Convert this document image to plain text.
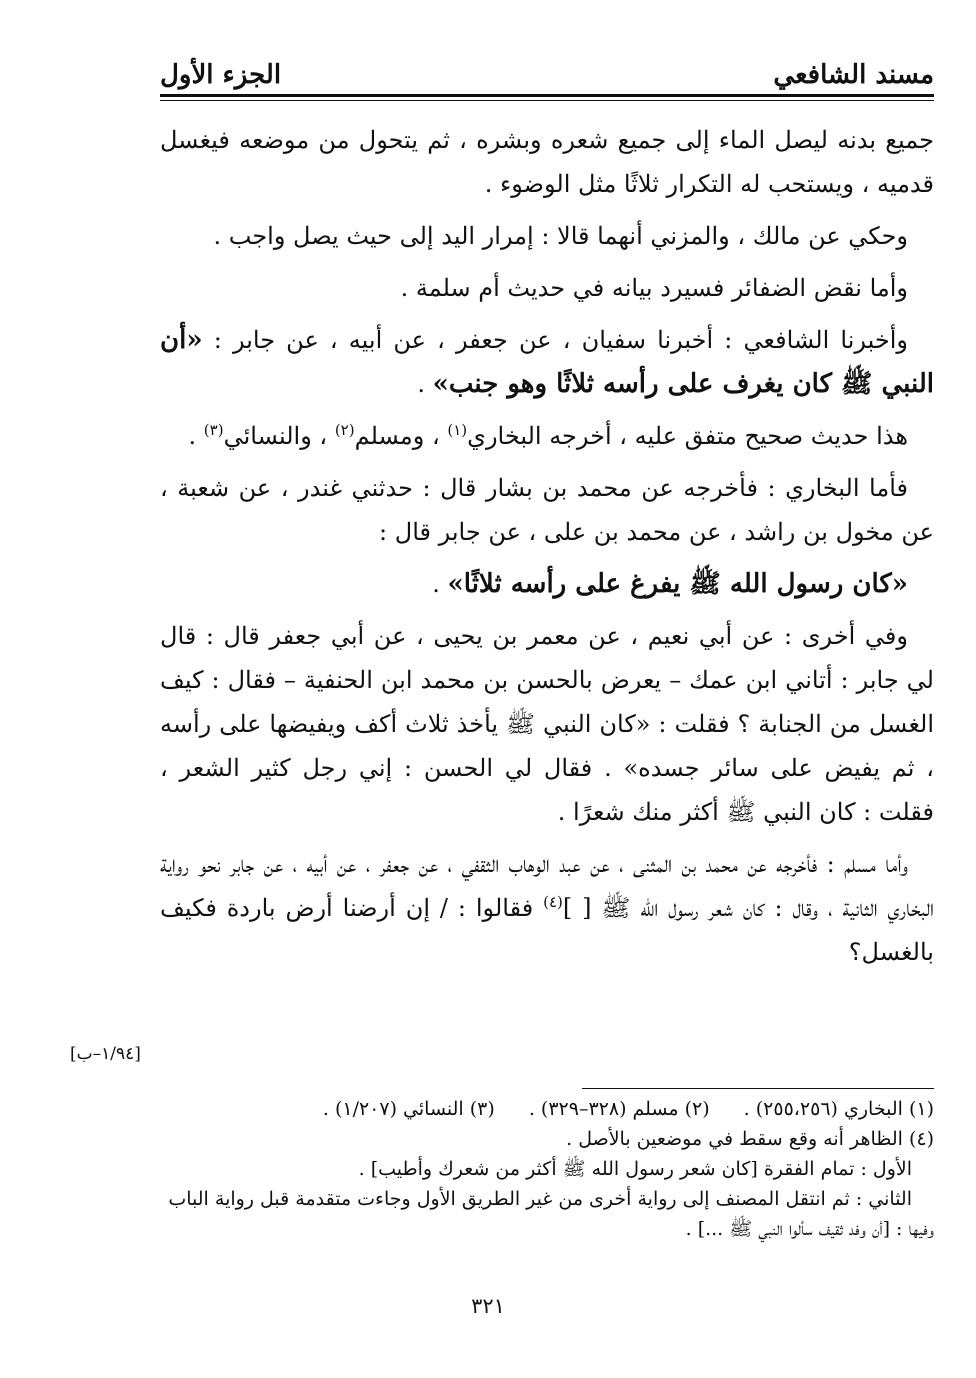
مسند الشافعي
الجزء الأول

جميع بدنه ليصل الماء إلى جميع شعره وبشره ، ثم يتحول من موضعه فيغسل قدميه ، ويستحب له التكرار ثلاثًا مثل الوضوء .

وحكي عن مالك ، والمزني أنهما قالا : إمرار اليد إلى حيث يصل واجب .

وأما نقض الضفائر فسيرد بيانه في حديث أم سلمة .

وأخبرنا الشافعي : أخبرنا سفيان ، عن جعفر ، عن أبيه ، عن جابر : «أن النبي ﷺ كان يغرف على رأسه ثلاثًا وهو جنب» .

هذا حديث صحيح متفق عليه ، أخرجه البخاري$^{(١)}$ ، ومسلم$^{(٢)}$ ، والنسائي$^{(٣)}$ .

فأما البخاري : فأخرجه عن محمد بن بشار قال : حدثني غندر ، عن شعبة ، عن مخول بن راشد ، عن محمد بن على ، عن جابر قال :

«كان رسول الله ﷺ يفرغ على رأسه ثلاثًا» .

وفي أخرى : عن أبي نعيم ، عن معمر بن يحيى ، عن أبي جعفر قال : قال لي جابر : أتاني ابن عمك – يعرض بالحسن بن محمد ابن الحنفية – فقال : كيف الغسل من الجنابة ؟ فقلت : «كان النبي ﷺ يأخذ ثلاث أكف ويفيضها على رأسه ، ثم يفيض على سائر جسده» . فقال لي الحسن : إني رجل كثير الشعر ، فقلت : كان النبي ﷺ أكثر منك شعرًا .

وأما مسلم : فأخرجه عن محمد بن المثنى ، عن عبد الوهاب الثقفي ، عن جعفر ، عن أبيه ، عن جابر نحو رواية البخاري الثانية ، وقال : كان شعر رسول الله ﷺ [ ]$^{(٤)}$ فقالوا : / إن أرضنا أرض باردة فكيف بالغسل؟

[١/٩٤–ب]
(١) البخاري (٢٥٥،٢٥٦) .
(٢) مسلم (٣٢٨–٣٢٩) .
(٣) النسائي (١/٢٠٧) .

(٤) الظاهر أنه وقع سقط في موضعين بالأصل .

الأول : تمام الفقرة [كان شعر رسول الله ﷺ أكثر من شعرك وأطيب] .

الثاني : ثم انتقل المصنف إلى رواية أخرى من غير الطريق الأول وجاءت متقدمة قبل رواية الباب

وفيها : [أن وفد ثقيف سألوا النبي ﷺ ...] .

٣٢١
